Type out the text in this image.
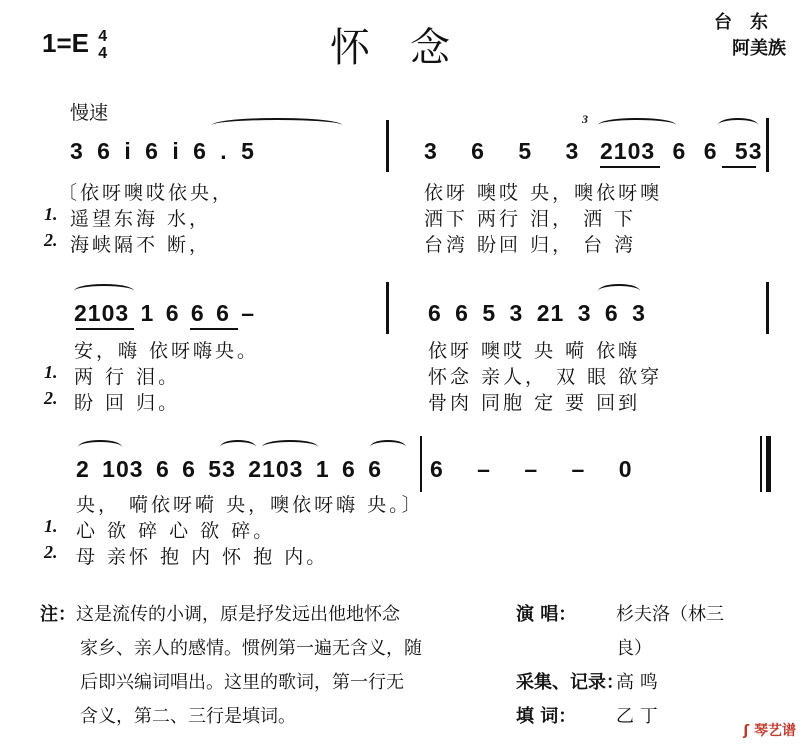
1=E 4
4	怀念
台东
阿美族
慢速	3
3 6 i 6 i 6 . 5	3 6 5 3 2103 6 6 53
〔依呀噢哎依央，	依呀 噢哎 央，噢依呀噢
1. 遥望东海 水，	洒下 两行 泪， 洒 下
2. 海峡隔不 断，	台湾 盼回 归， 台 湾
2103 1 6 6 6 –	6 6 5 3 21 3 6 3
安，嗨 依呀嗨央。	依呀 噢哎 央 嗬 依嗨
1. 两 行 泪。	怀念 亲人， 双 眼 欲穿
2. 盼 回 归。	骨肉 同胞 定 要 回到
2 103 6 6 53 2103 1 6 6 6 – – – 0
央， 嗬依呀嗬 央，噢依呀嗨 央。〕
1. 心 欲 碎 心 欲 碎。
2. 母 亲怀 抱 内 怀 抱 内。
注：这是流传的小调，原是抒发远出他地怀念
家乡、亲人的感情。惯例第一遍无含义，随
后即兴编词唱出。这里的歌词，第一行无
含义，第二、三行是填词。
演 唱： 杉夫洛（林三
良）
采集、记录：高 鸣
填 词： 乙 丁
ʃ 琴艺谱
